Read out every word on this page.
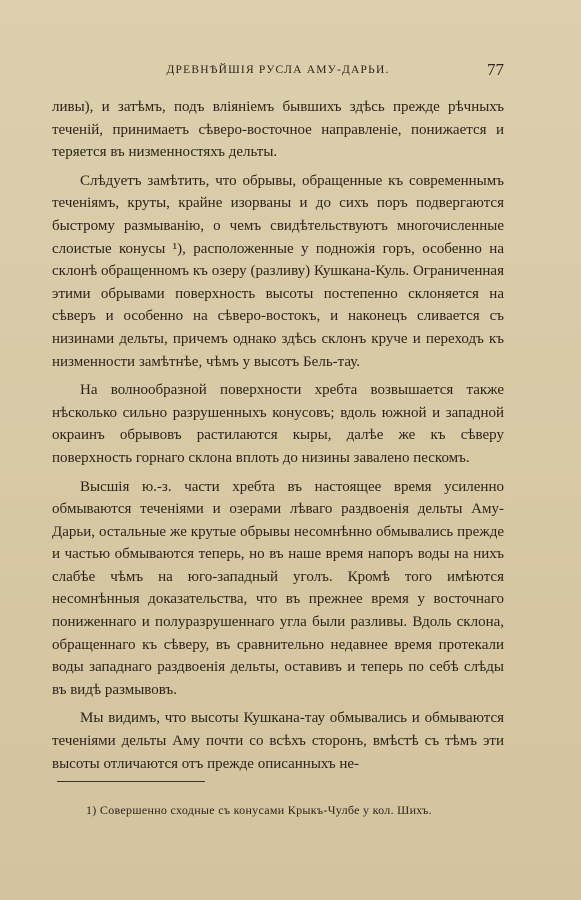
ДРЕВНѢЙШІЯ РУСЛА АМУ-ДАРЬИ.	77

ливы), и затѣмъ, подъ вліяніемъ бывшихъ здѣсь прежде рѣчныхъ теченій, принимаетъ сѣверо-восточное направленіе, понижается и теряется въ низменностяхъ дельты.

Слѣдуетъ замѣтить, что обрывы, обращенные къ современнымъ теченіямъ, круты, крайне изорваны и до сихъ поръ подвергаются быстрому размыванію, о чемъ свидѣтельствуютъ многочисленные слоистые конусы ¹), расположенные у подножія горъ, особенно на склонѣ обращенномъ къ озеру (разливу) Кушкана-Куль. Ограниченная этими обрывами поверхность высоты постепенно склоняется на сѣверъ и особенно на сѣверо-востокъ, и наконецъ сливается съ низинами дельты, причемъ однако здѣсь склонъ круче и переходъ къ низменности замѣтнѣе, чѣмъ у высотъ Бель-тау.

На волнообразной поверхности хребта возвышается также нѣсколько сильно разрушенныхъ конусовъ; вдоль южной и западной окраинъ обрывовъ растилаются кыры, далѣе же къ сѣверу поверхность горнаго склона вплоть до низины завалено пескомъ.

Высшія ю.-з. части хребта въ настоящее время усиленно обмываются теченіями и озерами лѣваго раздвоенія дельты Аму-Дарьи, остальные же крутые обрывы несомнѣнно обмывались прежде и частью обмываются теперь, но въ наше время напоръ воды на нихъ слабѣе чѣмъ на юго-западный уголъ. Кромѣ того имѣются несомнѣнныя доказательства, что въ прежнее время у восточнаго пониженнаго и полуразрушеннаго угла были разливы. Вдоль склона, обращеннаго къ сѣверу, въ сравнительно недавнее время протекали воды западнаго раздвоенія дельты, оставивъ и теперь по себѣ слѣды въ видѣ размывовъ.

Мы видимъ, что высоты Кушкана-тау обмывались и обмываются теченіями дельты Аму почти со всѣхъ сторонъ, вмѣстѣ съ тѣмъ эти высоты отличаются отъ прежде описанныхъ не-

1) Совершенно сходные съ конусами Крыкъ-Чулбе у кол. Шихъ.
